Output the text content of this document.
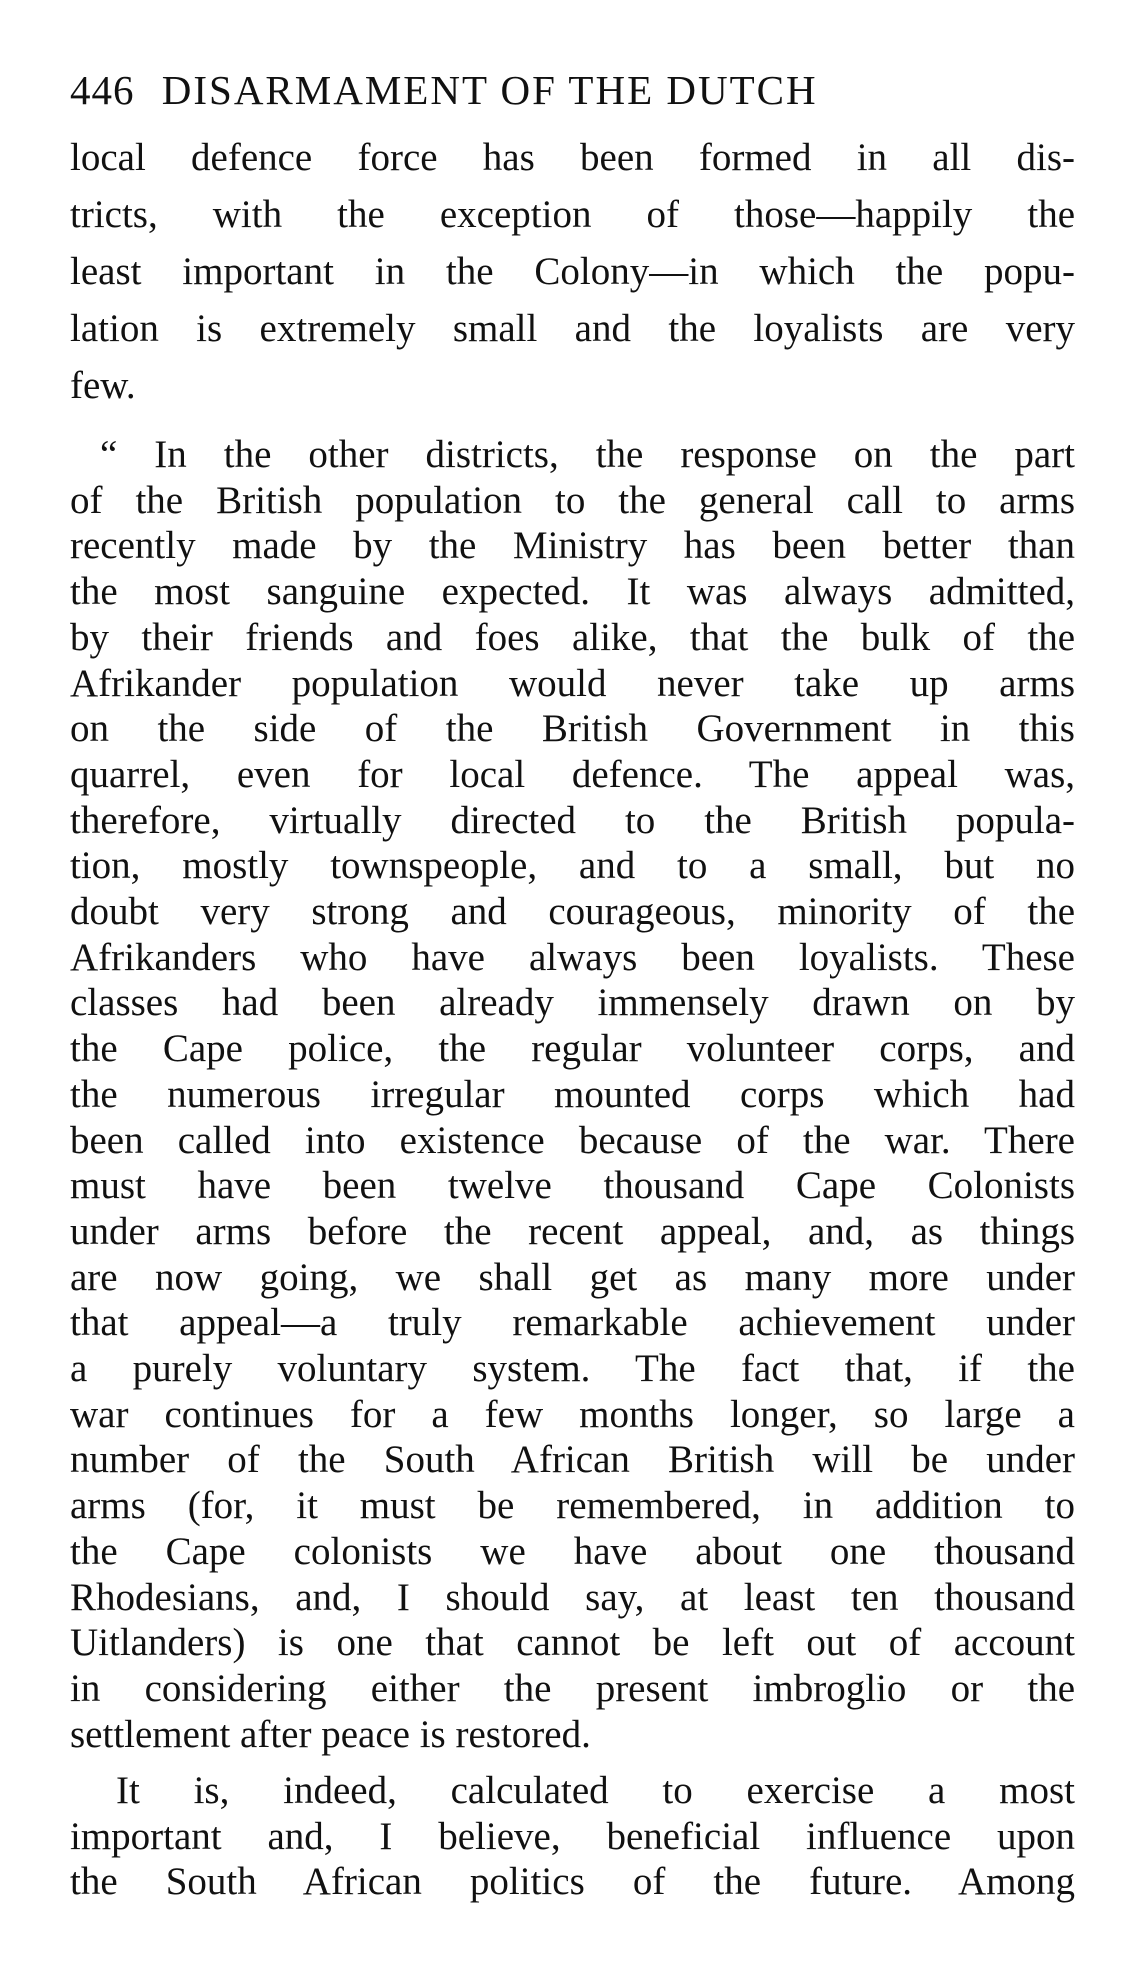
446 DISARMAMENT OF THE DUTCH
local defence force has been formed in all dis-
tricts, with the exception of those—happily the
least important in the Colony—in which the popu-
lation is extremely small and the loyalists are very
few.
“ In the other districts, the response on the part
of the British population to the general call to arms
recently made by the Ministry has been better than
the most sanguine expected. It was always admitted,
by their friends and foes alike, that the bulk of the
Afrikander population would never take up arms
on the side of the British Government in this
quarrel, even for local defence. The appeal was,
therefore, virtually directed to the British popula-
tion, mostly townspeople, and to a small, but no
doubt very strong and courageous, minority of the
Afrikanders who have always been loyalists. These
classes had been already immensely drawn on by
the Cape police, the regular volunteer corps, and
the numerous irregular mounted corps which had
been called into existence because of the war. There
must have been twelve thousand Cape Colonists
under arms before the recent appeal, and, as things
are now going, we shall get as many more under
that appeal—a truly remarkable achievement under
a purely voluntary system. The fact that, if the
war continues for a few months longer, so large a
number of the South African British will be under
arms (for, it must be remembered, in addition to
the Cape colonists we have about one thousand
Rhodesians, and, I should say, at least ten thousand
Uitlanders) is one that cannot be left out of account
in considering either the present imbroglio or the
settlement after peace is restored.
It is, indeed, calculated to exercise a most
important and, I believe, beneficial influence upon
the South African politics of the future. Among
